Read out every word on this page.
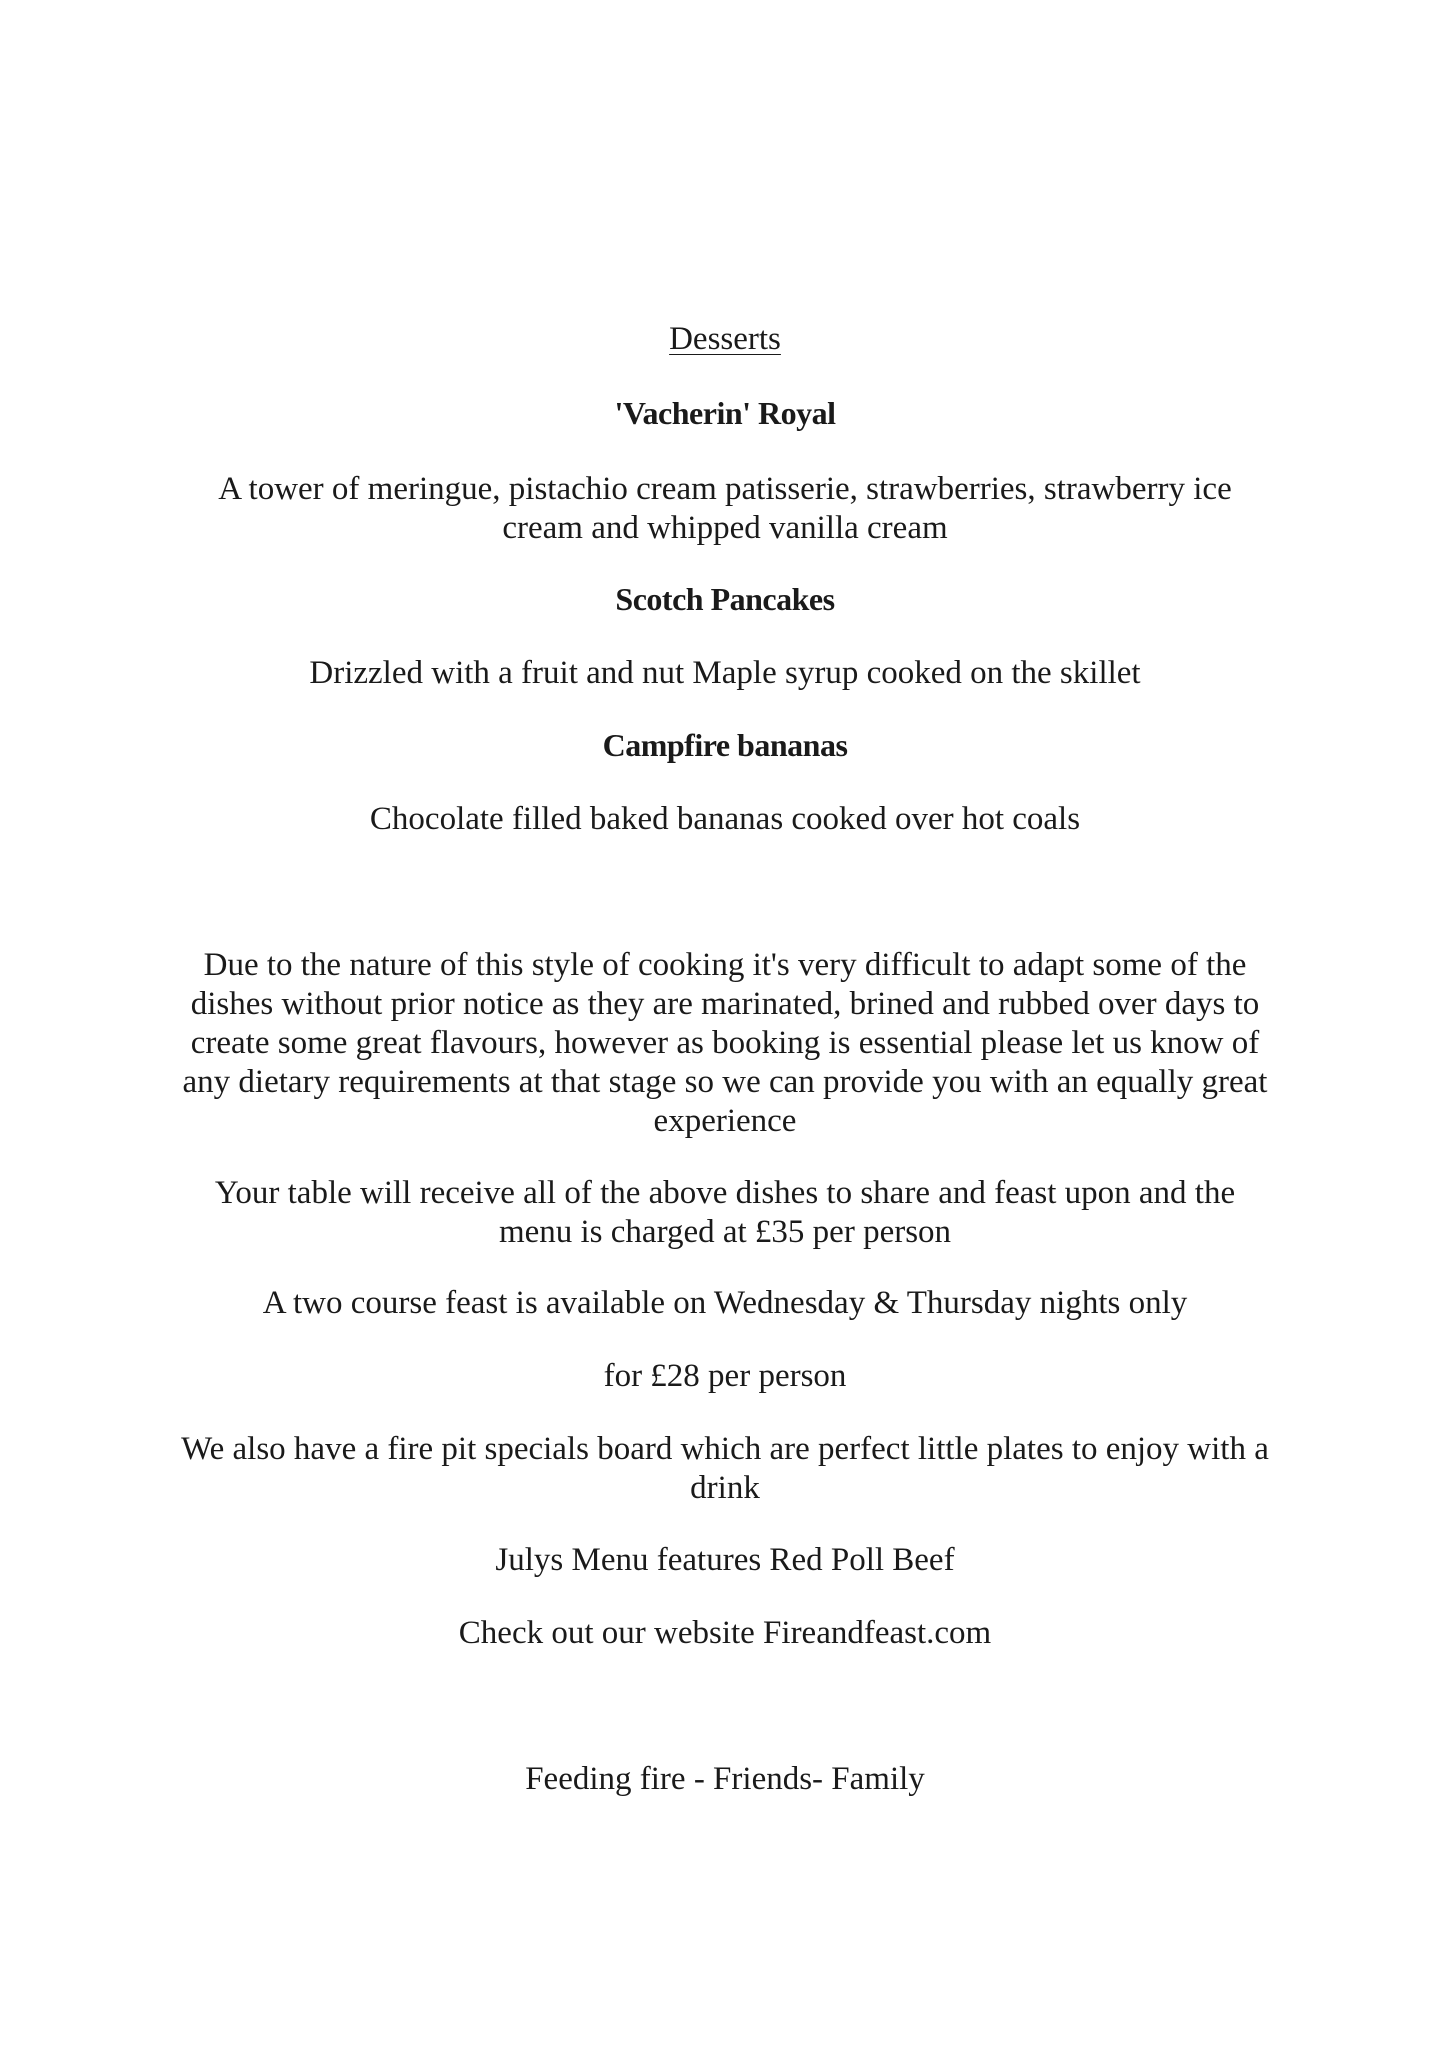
Desserts

'Vacherin' Royal

A tower of meringue, pistachio cream patisserie, strawberries, strawberry ice
cream and whipped vanilla cream

Scotch Pancakes

Drizzled with a fruit and nut Maple syrup cooked on the skillet

Campfire bananas

Chocolate filled baked bananas cooked over hot coals

Due to the nature of this style of cooking it's very difficult to adapt some of the
dishes without prior notice as they are marinated, brined and rubbed over days to
create some great flavours, however as booking is essential please let us know of
any dietary requirements at that stage so we can provide you with an equally great
experience

Your table will receive all of the above dishes to share and feast upon and the
menu is charged at £35 per person

A two course feast is available on Wednesday & Thursday nights only

for £28 per person

We also have a fire pit specials board which are perfect little plates to enjoy with a
drink

Julys Menu features Red Poll Beef

Check out our website Fireandfeast.com

Feeding fire - Friends- Family
